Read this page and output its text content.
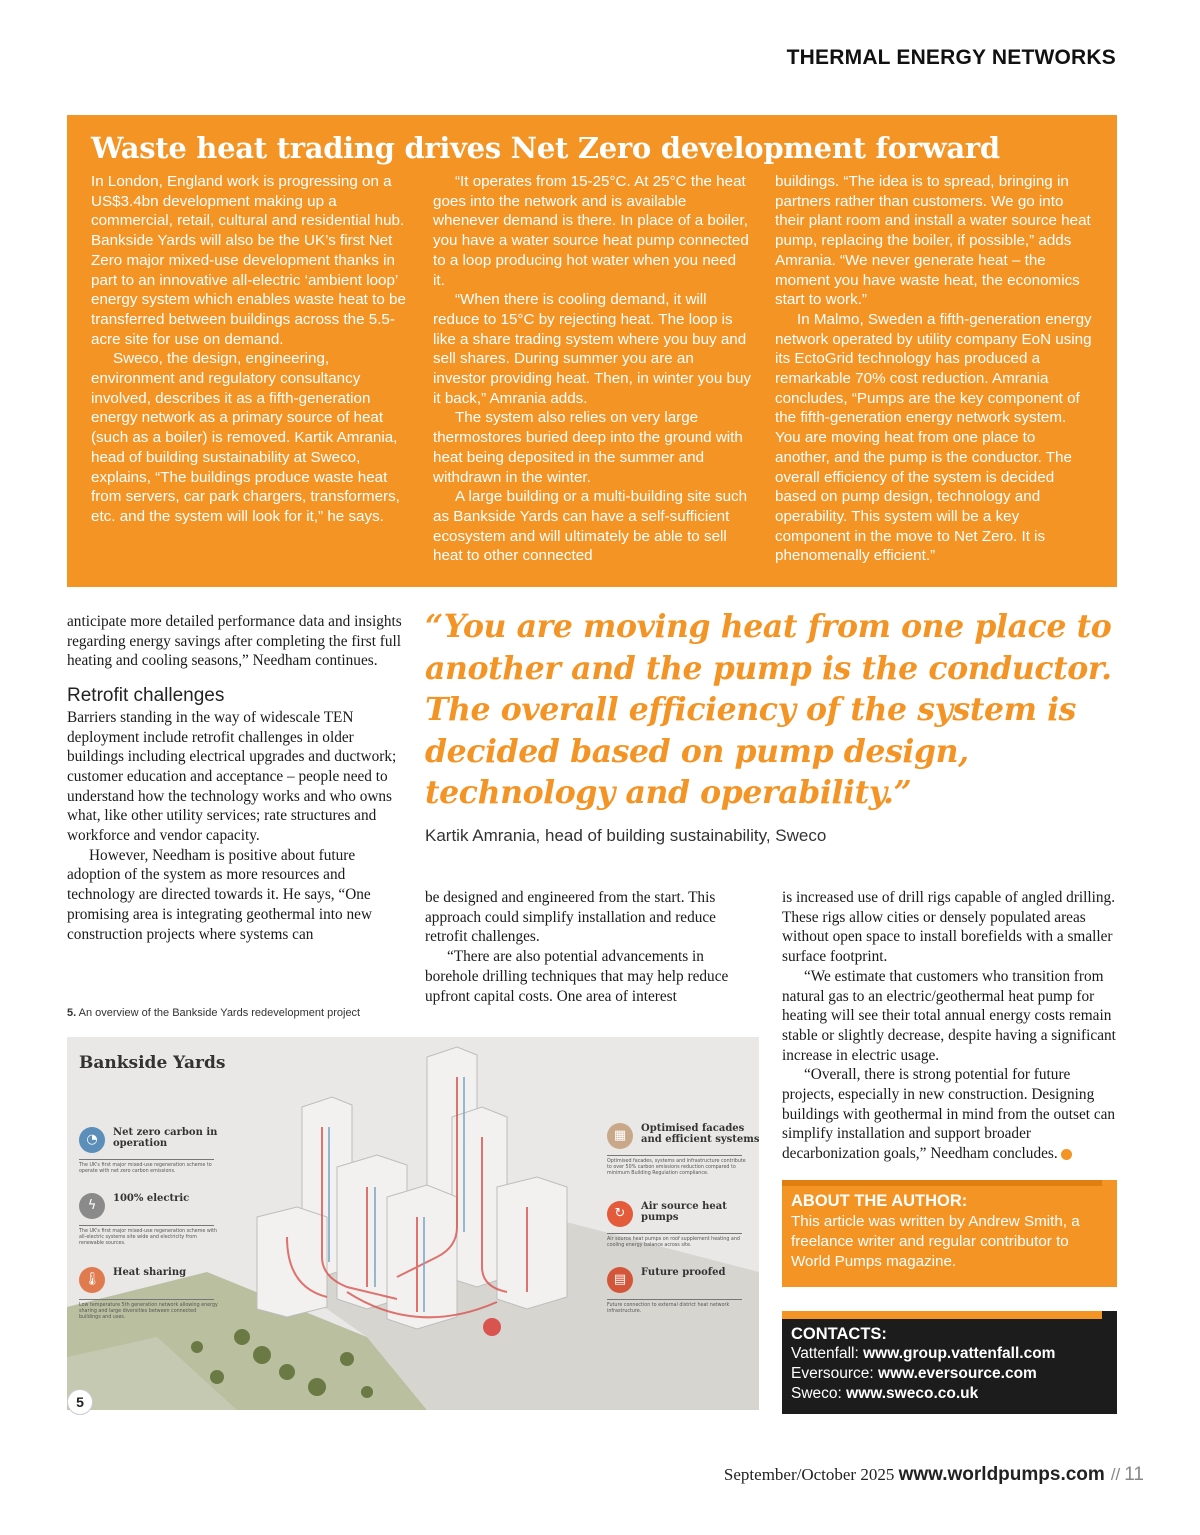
THERMAL ENERGY NETWORKS
Waste heat trading drives Net Zero development forward

In London, England work is progressing on a US$3.4bn development making up a commercial, retail, cultural and residential hub. Bankside Yards will also be the UK’s first Net Zero major mixed-use development thanks in part to an innovative all-electric ‘ambient loop’ energy system which enables waste heat to be transferred between buildings across the 5.5-acre site for use on demand.

Sweco, the design, engineering, environment and regulatory consultancy involved, describes it as a fifth-generation energy network as a primary source of heat (such as a boiler) is removed. Kartik Amrania, head of building sustainability at Sweco, explains, “The buildings produce waste heat from servers, car park chargers, transformers, etc. and the system will look for it,” he says.

“It operates from 15-25°C. At 25°C the heat goes into the network and is available whenever demand is there. In place of a boiler, you have a water source heat pump connected to a loop producing hot water when you need it.

“When there is cooling demand, it will reduce to 15°C by rejecting heat. The loop is like a share trading system where you buy and sell shares. During summer you are an investor providing heat. Then, in winter you buy it back,” Amrania adds.

The system also relies on very large thermostores buried deep into the ground with heat being deposited in the summer and withdrawn in the winter.

A large building or a multi-building site such as Bankside Yards can have a self-sufficient ecosystem and will ultimately be able to sell heat to other connected

buildings. “The idea is to spread, bringing in partners rather than customers. We go into their plant room and install a water source heat pump, replacing the boiler, if possible,” adds Amrania. “We never generate heat – the moment you have waste heat, the economics start to work.”

In Malmo, Sweden a fifth-generation energy network operated by utility company EoN using its EctoGrid technology has produced a remarkable 70% cost reduction. Amrania concludes, “Pumps are the key component of the fifth-generation energy network system. You are moving heat from one place to another, and the pump is the conductor. The overall efficiency of the system is decided based on pump design, technology and operability. This system will be a key component in the move to Net Zero. It is phenomenally efficient.”

anticipate more detailed performance data and insights regarding energy savings after completing the first full heating and cooling seasons,” Needham continues.

Retrofit challenges

Barriers standing in the way of widescale TEN deployment include retrofit challenges in older buildings including electrical upgrades and ductwork; customer education and acceptance – people need to understand how the technology works and who owns what, like other utility services; rate structures and workforce and vendor capacity.

However, Needham is positive about future adoption of the system as more resources and technology are directed towards it. He says, “One promising area is integrating geothermal into new construction projects where systems can

“You are moving heat from one place to another and the pump is the conductor. The overall efficiency of the system is decided based on pump design, technology and operability.”
Kartik Amrania, head of building sustainability, Sweco

be designed and engineered from the start. This approach could simplify installation and reduce retrofit challenges.

“There are also potential advancements in borehole drilling techniques that may help reduce upfront capital costs. One area of interest

is increased use of drill rigs capable of angled drilling. These rigs allow cities or densely populated areas without open space to install borefields with a smaller surface footprint.

“We estimate that customers who transition from natural gas to an electric/geothermal heat pump for heating will see their total annual energy costs remain stable or slightly decrease, despite having a significant increase in electric usage.

“Overall, there is strong potential for future projects, especially in new construction. Designing buildings with geothermal in mind from the outset can simplify installation and support broader decarbonization goals,” Needham concludes.

5. An overview of the Bankside Yards redevelopment project
Bankside Yards
◔	Net zero carbon in operation
The UK's first major mixed-use regeneration scheme to operate with net zero carbon emissions.
ϟ	100% electric
The UK's first major mixed-use regeneration scheme with all-electric systems site wide and electricity from renewable sources.
🌡	Heat sharing
Low temperature 5th generation network allowing energy sharing and large diversities between connected buildings and uses.
▦	Optimised facades and efficient systems
Optimised facades, systems and infrastructure contribute to over 50% carbon emissions reduction compared to minimum Building Regulation compliance.
↻	Air source heat pumps
Air source heat pumps on roof supplement heating and cooling energy balance across site.
▤	Future proofed
Future connection to external district heat network infrastructure.
5
ABOUT THE AUTHOR:

This article was written by Andrew Smith, a freelance writer and regular contributor to World Pumps magazine.

CONTACTS:
Vattenfall: www.group.vattenfall.com
Eversource: www.eversource.com
Sweco: www.sweco.co.uk
September/October 2025 www.worldpumps.com // 11
